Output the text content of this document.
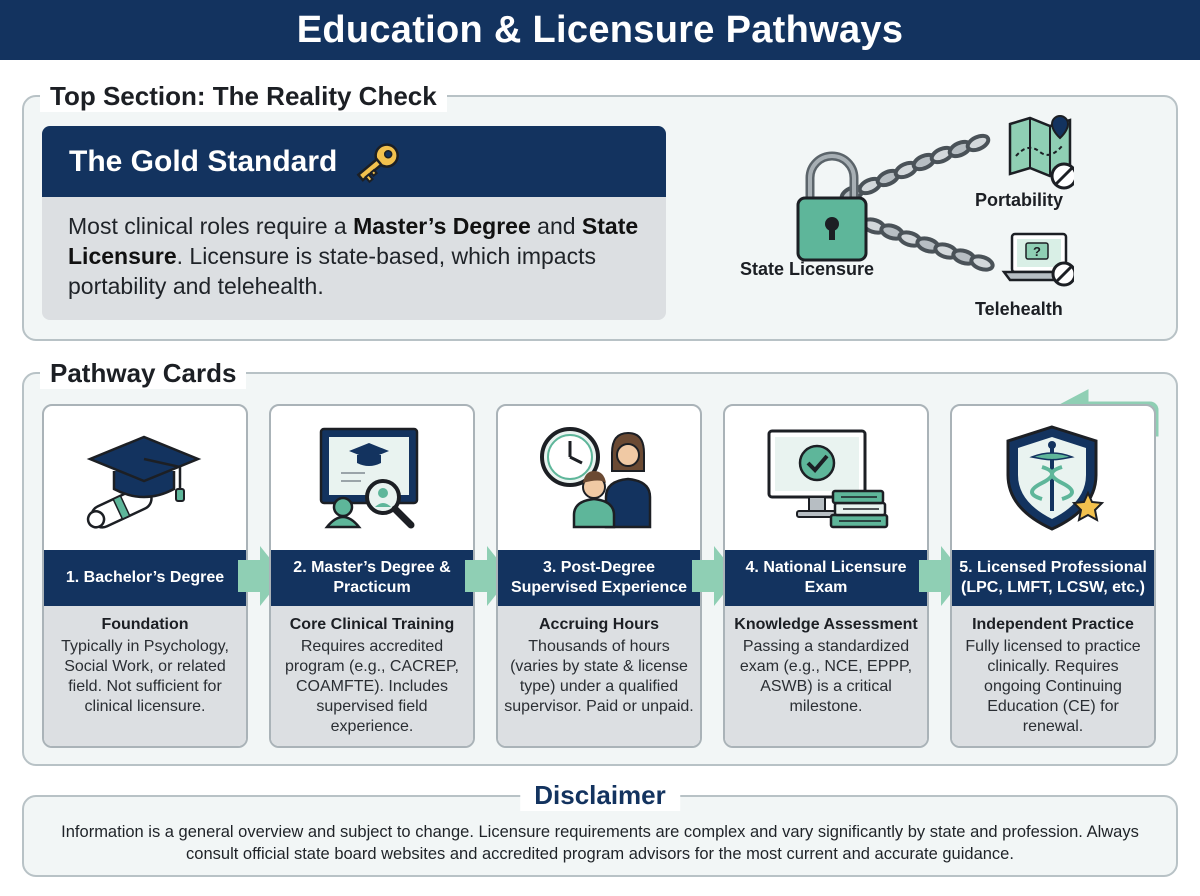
Education & Licensure Pathways
Top Section: The Reality Check
The Gold Standard
Most clinical roles require a Master’s Degree and State Licensure. Licensure is state-based, which impacts portability and telehealth.
?
State Licensure
Portability
Telehealth
Pathway Cards
1. Bachelor’s Degree
Foundation
Typically in Psychology, Social Work, or related field. Not sufficient for clinical licensure.
2. Master’s Degree & Practicum
Core Clinical Training
Requires accredited program (e.g., CACREP, COAMFTE). Includes supervised field experience.
3. Post-Degree Supervised Experience
Accruing Hours
Thousands of hours (varies by state & license type) under a qualified supervisor. Paid or unpaid.
4. National Licensure Exam
Knowledge Assessment
Passing a standardized exam (e.g., NCE, EPPP, ASWB) is a critical milestone.
5. Licensed Professional (LPC, LMFT, LCSW, etc.)
Independent Practice
Fully licensed to practice clinically. Requires ongoing Continuing Education (CE) for renewal.
Disclaimer
Information is a general overview and subject to change. Licensure requirements are complex and vary significantly by state and profession. Always consult official state board websites and accredited program advisors for the most current and accurate guidance.
